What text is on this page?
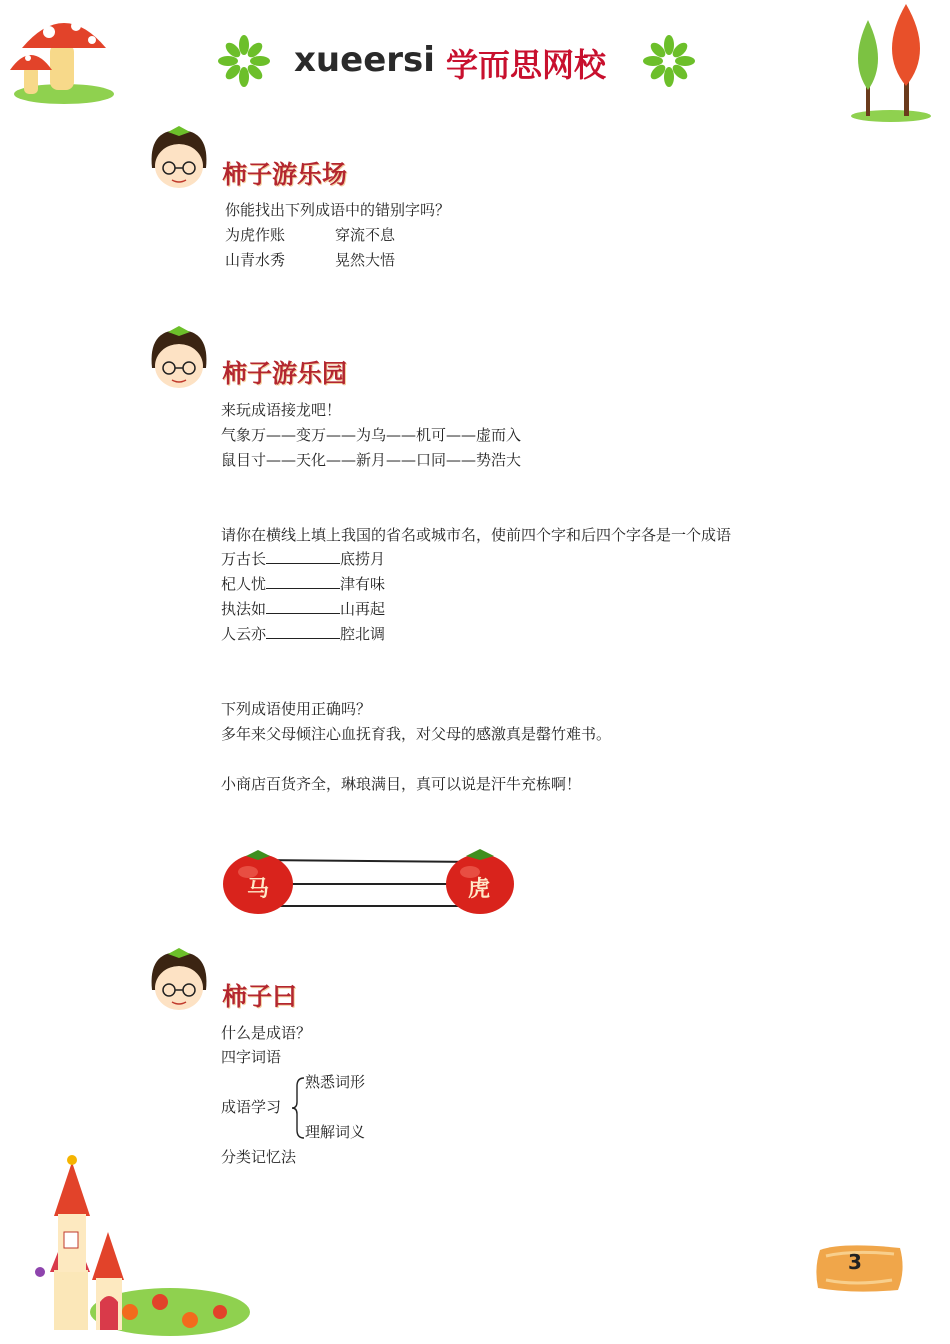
xueersi 学而思网校
柿子游乐场
你能找出下列成语中的错别字吗？
为虎作账	穿流不息
山青水秀	晃然大悟
柿子游乐园
来玩成语接龙吧！
气象万——变万——为乌——机可——虚而入
鼠目寸——天化——新月——口同——势浩大
请你在横线上填上我国的省名或城市名，使前四个字和后四个字各是一个成语
万古长	底捞月
杞人忧	津有味
执法如	山再起
人云亦	腔北调
下列成语使用正确吗？
多年来父母倾注心血抚育我，对父母的感激真是罄竹难书。
小商店百货齐全，琳琅满目，真可以说是汗牛充栋啊！
马	虎
柿子曰
什么是成语？
四字词语
熟悉词形
成语学习
理解词义
分类记忆法
3
